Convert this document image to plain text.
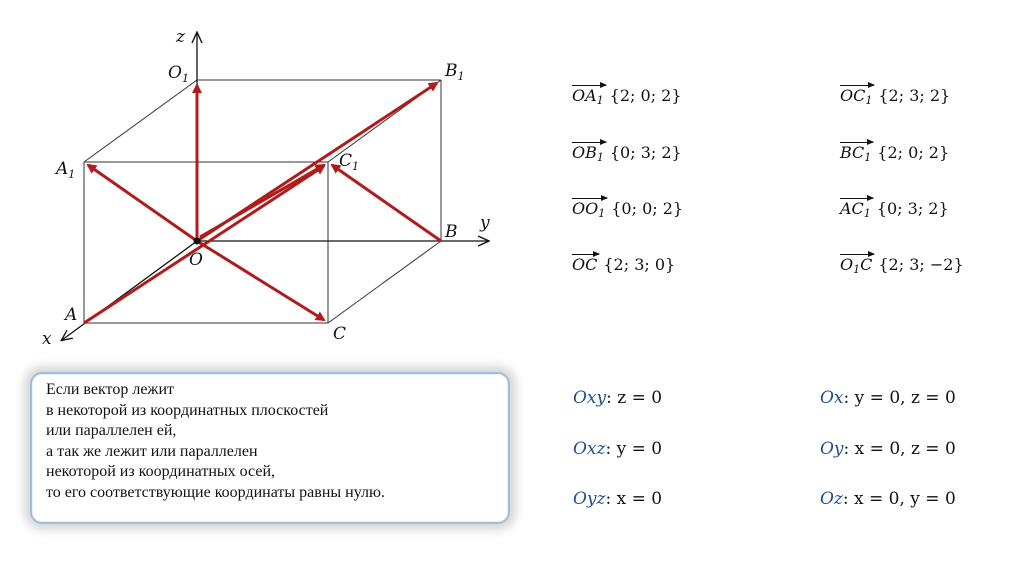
z
y
x
$O_1$	$B_1$
$A_1$
$C_1$
B
O
A
C
OA1 {2; 0; 2}
OB1 {0; 3; 2}
OO1 {0; 0; 2}
OC {2; 3; 0}
OC1 {2; 3; 2}
BC1 {2; 0; 2}
AC1 {0; 3; 2}
O1C {2; 3; −2}
Если вектор лежит
в некоторой из координатных плоскостей
или параллелен ей,
а так же лежит или параллелен
некоторой из координатных осей,
то его соответствующие координаты равны нулю.
Oxy: z = 0
Oxz: y = 0
Oyz: x = 0
Ox: y = 0, z = 0
Oy: x = 0, z = 0
Oz: x = 0, y = 0
